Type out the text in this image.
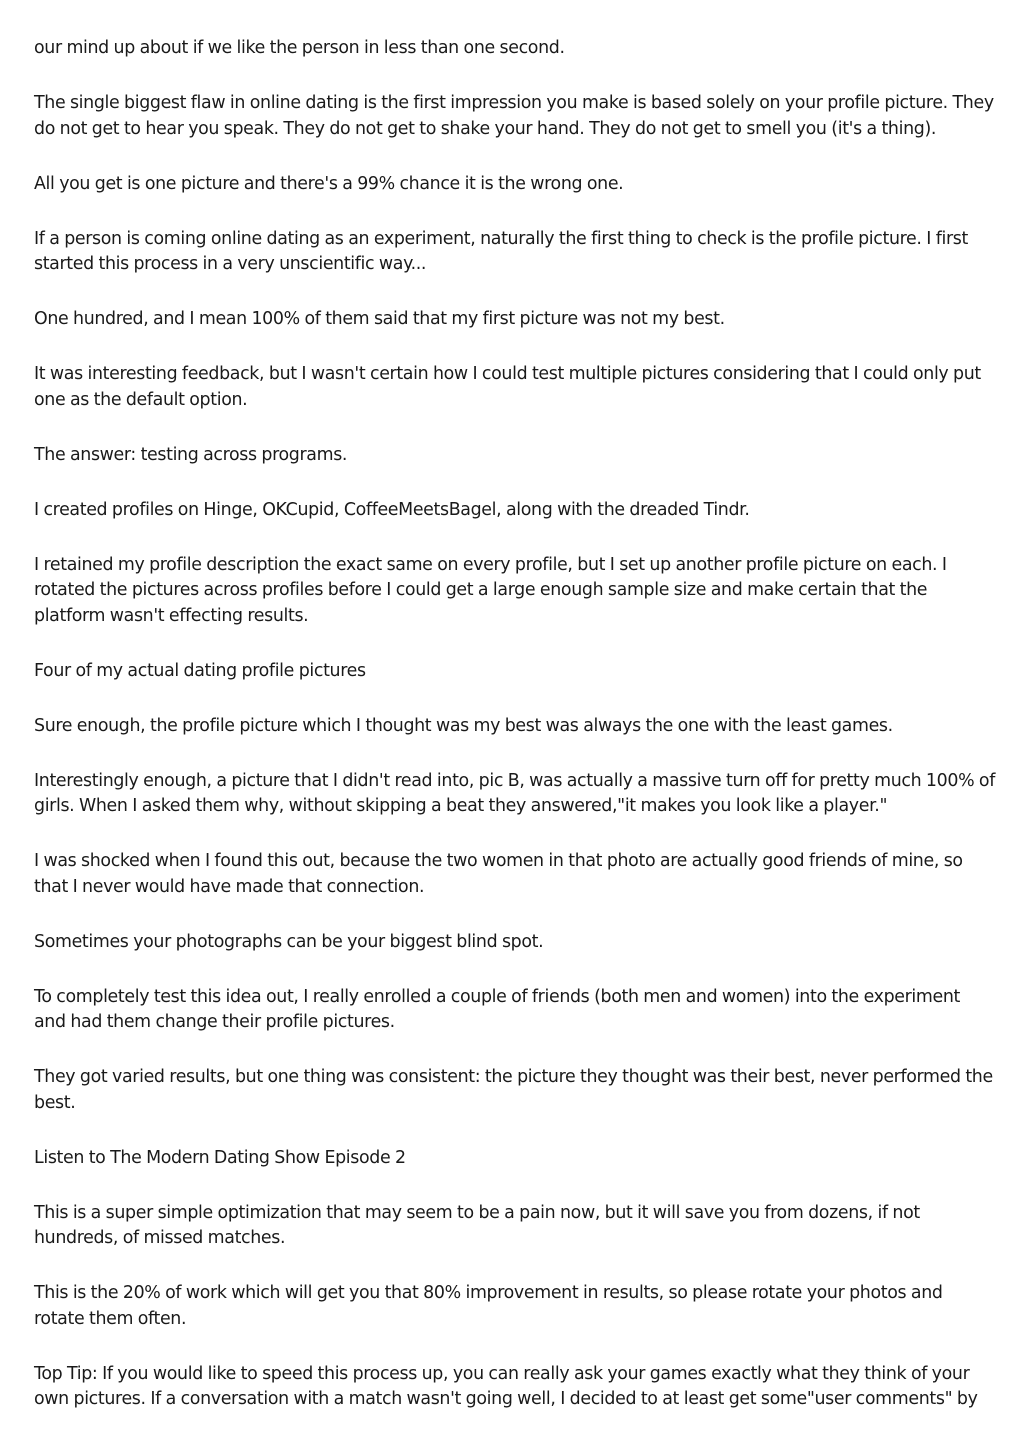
our mind up about if we like the person in less than one second.

The single biggest flaw in online dating is the first impression you make is based solely on your profile picture. They do not get to hear you speak. They do not get to shake your hand. They do not get to smell you (it's a thing).

All you get is one picture and there's a 99% chance it is the wrong one.

If a person is coming online dating as an experiment, naturally the first thing to check is the profile picture. I first started this process in a very unscientific way...

One hundred, and I mean 100% of them said that my first picture was not my best.

It was interesting feedback, but I wasn't certain how I could test multiple pictures considering that I could only put one as the default option.

The answer: testing across programs.

I created profiles on Hinge, OKCupid, CoffeeMeetsBagel, along with the dreaded Tindr.

I retained my profile description the exact same on every profile, but I set up another profile picture on each. I rotated the pictures across profiles before I could get a large enough sample size and make certain that the platform wasn't effecting results.

Four of my actual dating profile pictures

Sure enough, the profile picture which I thought was my best was always the one with the least games.

Interestingly enough, a picture that I didn't read into, pic B, was actually a massive turn off for pretty much 100% of girls. When I asked them why, without skipping a beat they answered,"it makes you look like a player."

I was shocked when I found this out, because the two women in that photo are actually good friends of mine, so that I never would have made that connection.

Sometimes your photographs can be your biggest blind spot.

To completely test this idea out, I really enrolled a couple of friends (both men and women) into the experiment and had them change their profile pictures.

They got varied results, but one thing was consistent: the picture they thought was their best, never performed the best.

Listen to The Modern Dating Show Episode 2

This is a super simple optimization that may seem to be a pain now, but it will save you from dozens, if not hundreds, of missed matches.

This is the 20% of work which will get you that 80% improvement in results, so please rotate your photos and rotate them often.

Top Tip: If you would like to speed this process up, you can really ask your games exactly what they think of your own pictures. If a conversation with a match wasn't going well, I decided to at least get some"user comments" by
